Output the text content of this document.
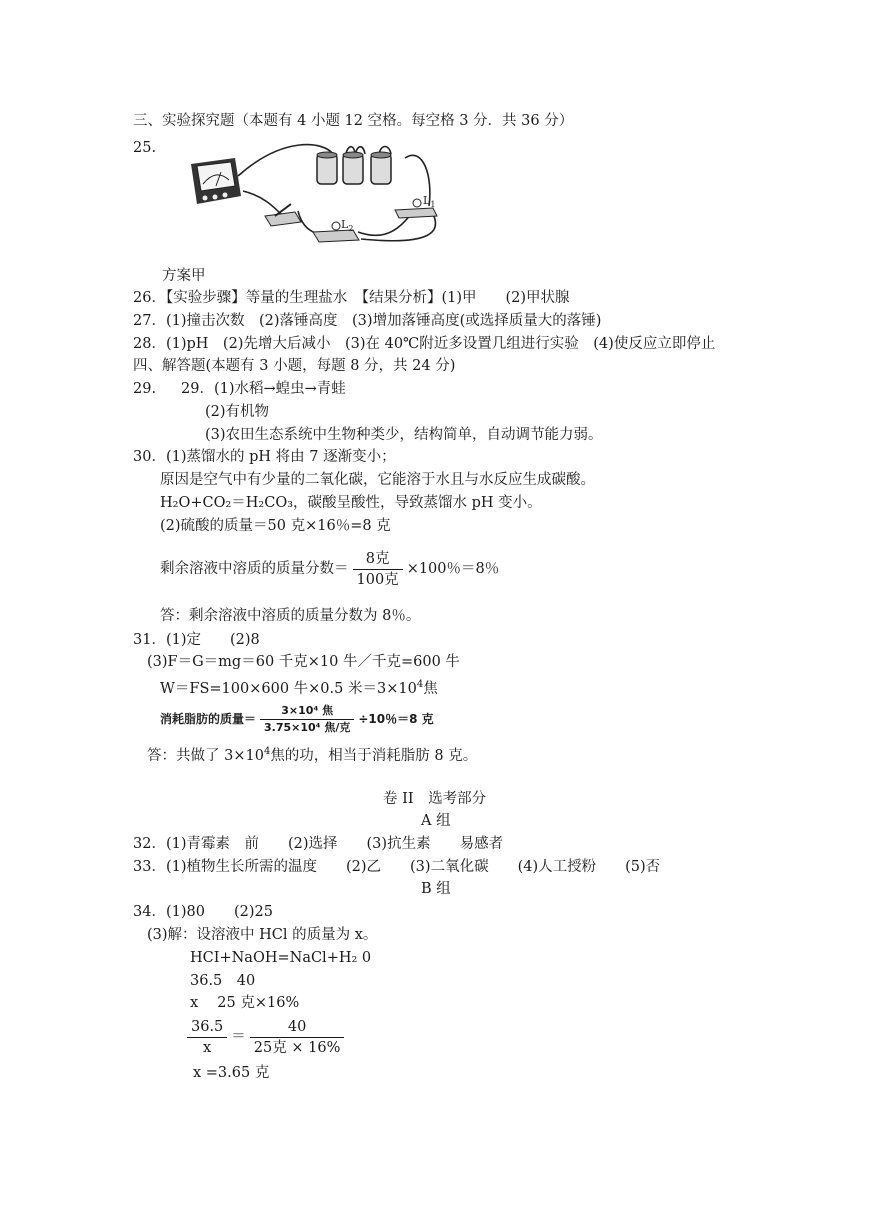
三、实验探究题（本题有 4 小题 12 空格。每空格 3 分．共 36 分）
25.
$L_1$
$L_2$
方案甲
26．【实验步骤】等量的生理盐水　【结果分析】(1)甲　　(2)甲状腺
27．(1)撞击次数　(2)落锤高度　(3)增加落锤高度(或选择质量大的落锤)
28．(1)pH　(2)先增大后减小　(3)在 40℃附近多设置几组进行实验　(4)使反应立即停止
四、解答题(本题有 3 小题，每题 8 分，共 24 分)
29. 29．(1)水稻→蝗虫→青蛙
(2)有机物
(3)农田生态系统中生物种类少，结构简单，自动调节能力弱。
30．(1)蒸馏水的 pH 将由 7 逐渐变小；
原因是空气中有少量的二氧化碳，它能溶于水且与水反应生成碳酸。
H₂O+CO₂＝H₂CO₃，碳酸呈酸性，导致蒸馏水 pH 变小。
(2)硫酸的质量＝50 克×16％=8 克
剩余溶液中溶质的质量分数＝ $\frac{\text{8克}}{\text{100克}} \times 100$％＝8％
答：剩余溶液中溶质的质量分数为 8％。
31．(1)定　　(2)8
(3)F＝G＝mg＝60 千克×10 牛／千克=600 牛
W＝FS=100×600 牛×0.5 米$=3\times 10^4$焦
消耗脂肪的质量＝ $\frac{\text{3×10⁴ 焦}}{\text{3.75×10⁴ 焦/克}} \div 10$％＝8 克
答：共做了 $3\times 10^4$焦的功，相当于消耗脂肪 8 克。
卷 II　选考部分
A 组
32．(1)青霉素　前　　(2)选择　　(3)抗生素　　易感者
33．(1)植物生长所需的温度　　(2)乙　　(3)二氧化碳　　(4)人工授粉　　(5)否
B 组
34．(1)80　　(2)25
(3)解：设溶液中 HCl 的质量为 x。
HCI+NaOH=NaCl+H₂ 0
36.5　40
x　 25 克×16%
$\frac{36.5}{x} = \frac{40}{\text{25克 × 16\%}}$
x =3.65 克
